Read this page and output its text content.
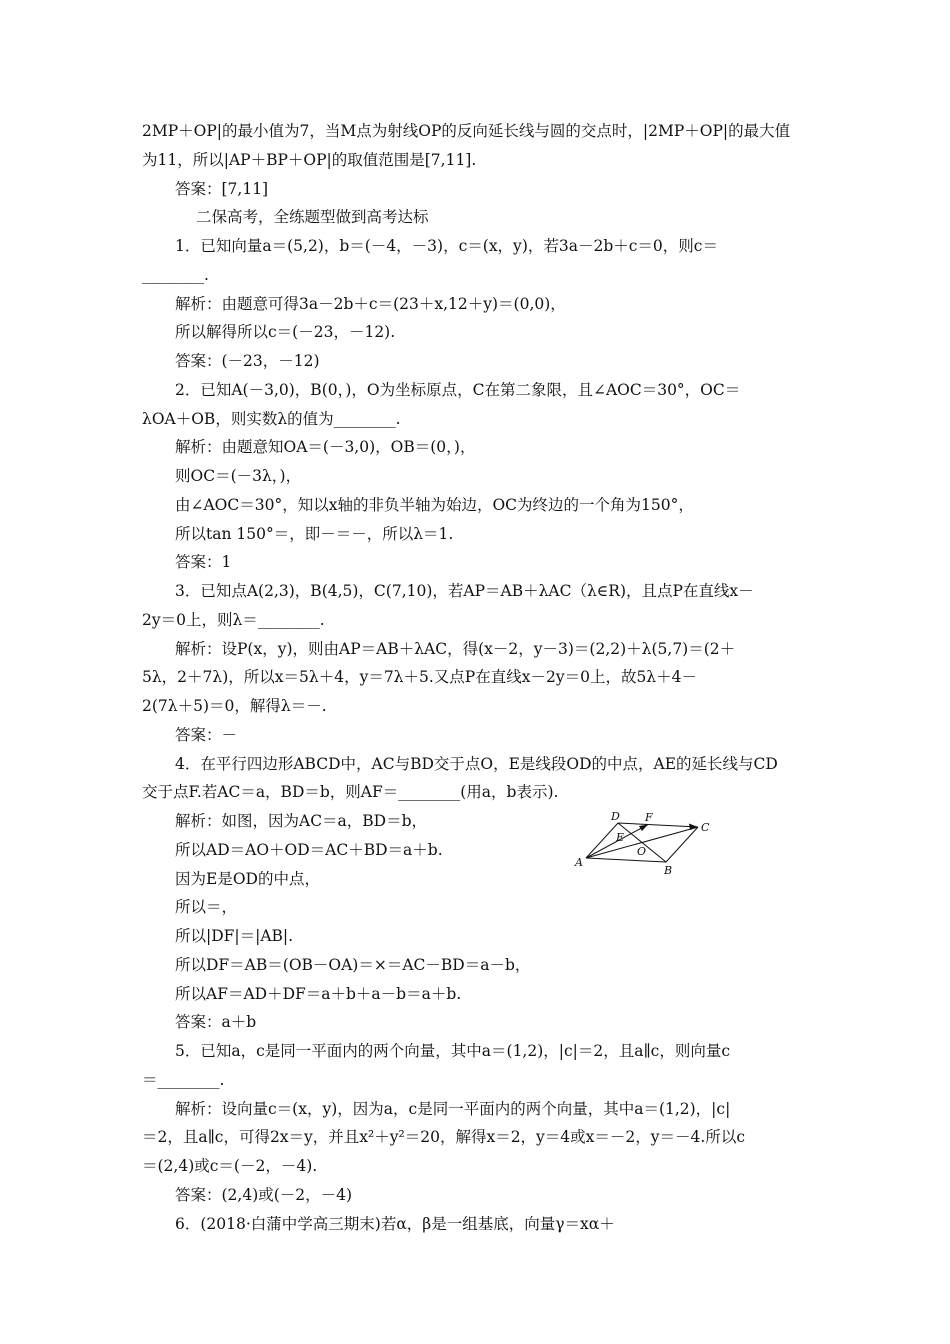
2MP＋OP|的最小值为7，当M点为射线OP的反向延长线与圆的交点时，|2MP＋OP|的最大值
为11，所以|AP＋BP＋OP|的取值范围是[7,11].
答案：[7,11]
二保高考，全练题型做到高考达标
1．已知向量a＝(5,2)，b＝(－4，－3)，c＝(x，y)，若3a－2b＋c＝0，则c＝
________.
解析：由题意可得3a－2b＋c＝(23＋x,12＋y)＝(0,0)，
所以解得所以c＝(－23，－12).
答案：(－23，－12)
2．已知A(－3,0)，B(0，)，O为坐标原点，C在第二象限，且∠AOC＝30°，OC＝
λOA＋OB，则实数λ的值为________.
解析：由题意知OA＝(－3,0)，OB＝(0，)，
则OC＝(－3λ，)，
由∠AOC＝30°，知以x轴的非负半轴为始边，OC为终边的一个角为150°，
所以tan 150°＝，即－＝－，所以λ＝1.
答案：1
3．已知点A(2,3)，B(4,5)，C(7,10)，若AP＝AB＋λAC（λ∈R)，且点P在直线x－
2y＝0上，则λ＝________.
解析：设P(x，y)，则由AP＝AB＋λAC，得(x－2，y－3)＝(2,2)＋λ(5,7)＝(2＋
5λ，2＋7λ)，所以x＝5λ＋4，y＝7λ＋5.又点P在直线x－2y＝0上，故5λ＋4－
2(7λ＋5)＝0，解得λ＝－.
答案：－
4．在平行四边形ABCD中，AC与BD交于点O，E是线段OD的中点，AE的延长线与CD
交于点F.若AC＝a，BD＝b，则AF＝________(用a，b表示).
解析：如图，因为AC＝a，BD＝b，
所以AD＝AO＋OD＝AC＋BD＝a＋b.
因为E是OD的中点，
所以＝，
所以|DF|＝|AB|.
所以DF＝AB＝(OB－OA)＝×＝AC－BD＝a－b，
所以AF＝AD＋DF＝a＋b＋a－b＝a＋b.
答案：a＋b
5．已知a，c是同一平面内的两个向量，其中a＝(1,2)，|c|＝2，且a∥c，则向量c
＝________.
解析：设向量c＝(x，y)，因为a，c是同一平面内的两个向量，其中a＝(1,2)，|c|
＝2，且a∥c，可得2x＝y，并且x²＋y²＝20，解得x＝2，y＝4或x＝－2，y＝－4.所以c
＝(2,4)或c＝(－2，－4).
答案：(2,4)或(－2，－4)
6．(2018·白蒲中学高三期末)若α，β是一组基底，向量γ＝xα＋
A
B
C
D
E
F
O
